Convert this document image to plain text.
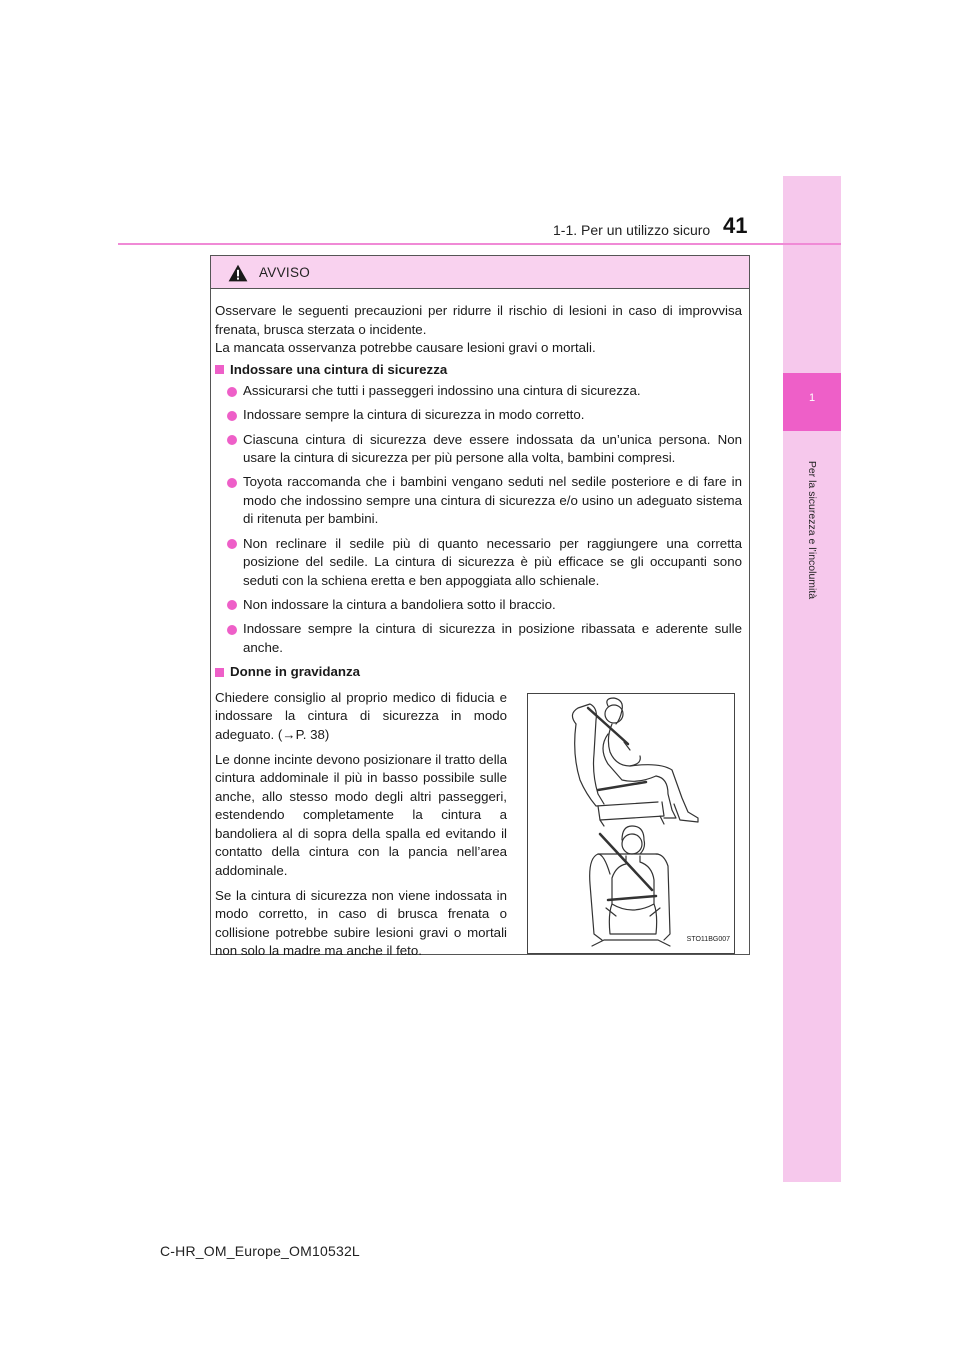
1
Per la sicurezza e l’incolumità
1-1. Per un utilizzo sicuro 41
AVVISO

Osservare le seguenti precauzioni per ridurre il rischio di lesioni in caso di improvvisa frenata, brusca sterzata o incidente.

La mancata osservanza potrebbe causare lesioni gravi o mortali.

Indossare una cintura di sicurezza
Assicurarsi che tutti i passeggeri indossino una cintura di sicurezza.
Indossare sempre la cintura di sicurezza in modo corretto.
Ciascuna cintura di sicurezza deve essere indossata da un’unica persona. Non usare la cintura di sicurezza per più persone alla volta, bambini compresi.
Toyota raccomanda che i bambini vengano seduti nel sedile posteriore e di fare in modo che indossino sempre una cintura di sicurezza e/o usino un adeguato sistema di ritenuta per bambini.
Non reclinare il sedile più di quanto necessario per raggiungere una corretta posizione del sedile. La cintura di sicurezza è più efficace se gli occupanti sono seduti con la schiena eretta e ben appoggiata allo schienale.
Non indossare la cintura a bandoliera sotto il braccio.
Indossare sempre la cintura di sicurezza in posizione ribassata e aderente sulle anche.
Donne in gravidanza

Chiedere consiglio al proprio medico di fiducia e indossare la cintura di sicurezza in modo adeguato. (→P. 38)

Le donne incinte devono posizionare il tratto della cintura addominale il più in basso possibile sulle anche, allo stesso modo degli altri passeggeri, estendendo completamente la cintura a bandoliera al di sopra della spalla ed evitando il contatto della cintura con la pancia nell’area addominale.

Se la cintura di sicurezza non viene indossata in modo corretto, in caso di brusca frenata o collisione potrebbe subire lesioni gravi o mortali non solo la madre ma anche il feto.

STO11BG007
C-HR_OM_Europe_OM10532L
